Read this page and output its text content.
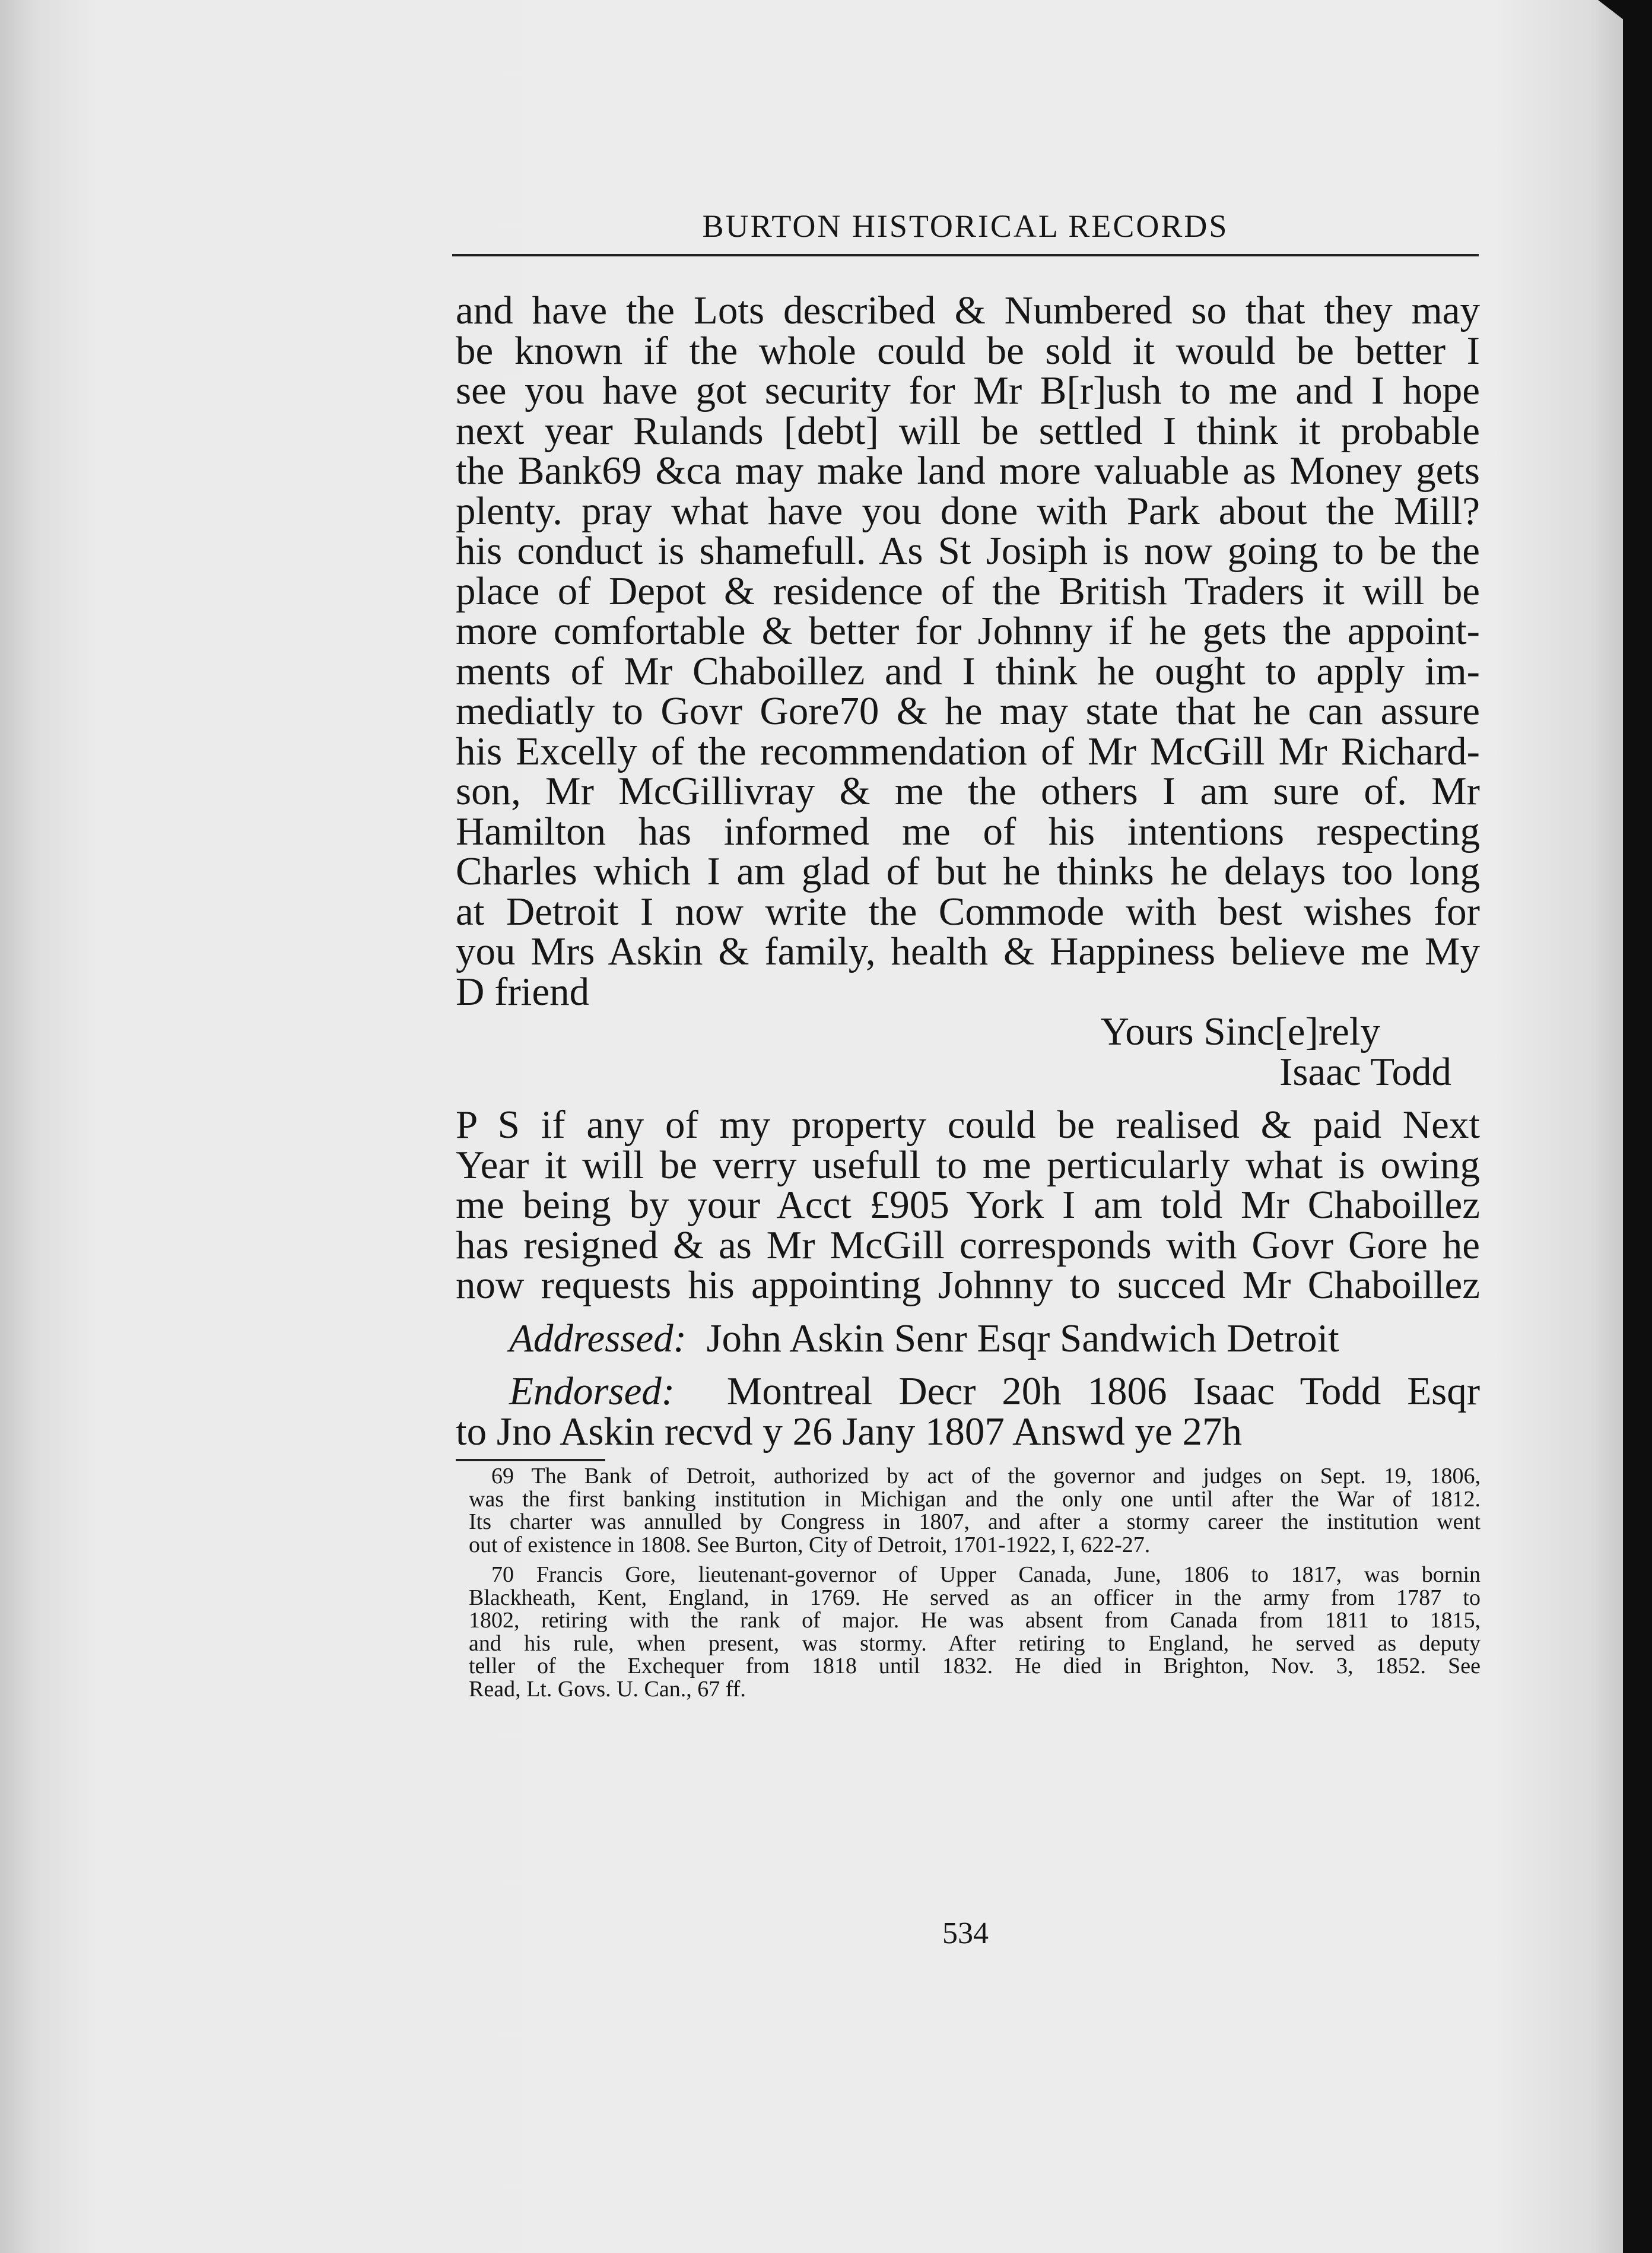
BURTON HISTORICAL RECORDS
and have the Lots described & Numbered so that they may
be known if the whole could be sold it would be better I
see you have got security for Mr B[r]ush to me and I hope
next year Rulands [debt] will be settled I think it probable
the Bank69 &ca may make land more valuable as Money gets
plenty. pray what have you done with Park about the Mill?
his conduct is shamefull. As St Josiph is now going to be the
place of Depot & residence of the British Traders it will be
more comfortable & better for Johnny if he gets the appoint-
ments of Mr Chaboillez and I think he ought to apply im-
mediatly to Govr Gore70 & he may state that he can assure
his Excelly of the recommendation of Mr McGill Mr Richard-
son, Mr McGillivray & me the others I am sure of. Mr
Hamilton has informed me of his intentions respecting
Charles which I am glad of but he thinks he delays too long
at Detroit I now write the Commode with best wishes for
you Mrs Askin & family, health & Happiness believe me My
D friend
Yours Sinc[e]rely
Isaac Todd
P S if any of my property could be realised & paid Next
Year it will be verry usefull to me perticularly what is owing
me being by your Acct £905 York I am told Mr Chaboillez
has resigned & as Mr McGill corresponds with Govr Gore he
now requests his appointing Johnny to succed Mr Chaboillez
Addressed: John Askin Senr Esqr Sandwich Detroit
Endorsed: Montreal Decr 20h 1806 Isaac Todd Esqr
to Jno Askin recvd y 26 Jany 1807 Answd ye 27h
69 The Bank of Detroit, authorized by act of the governor and judges on Sept. 19, 1806,
was the first banking institution in Michigan and the only one until after the War of 1812.
Its charter was annulled by Congress in 1807, and after a stormy career the institution went
out of existence in 1808. See Burton, City of Detroit, 1701-1922, I, 622-27.
70 Francis Gore, lieutenant-governor of Upper Canada, June, 1806 to 1817, was bornin
Blackheath, Kent, England, in 1769. He served as an officer in the army from 1787 to
1802, retiring with the rank of major. He was absent from Canada from 1811 to 1815,
and his rule, when present, was stormy. After retiring to England, he served as deputy
teller of the Exchequer from 1818 until 1832. He died in Brighton, Nov. 3, 1852. See
Read, Lt. Govs. U. Can., 67 ff.
534
